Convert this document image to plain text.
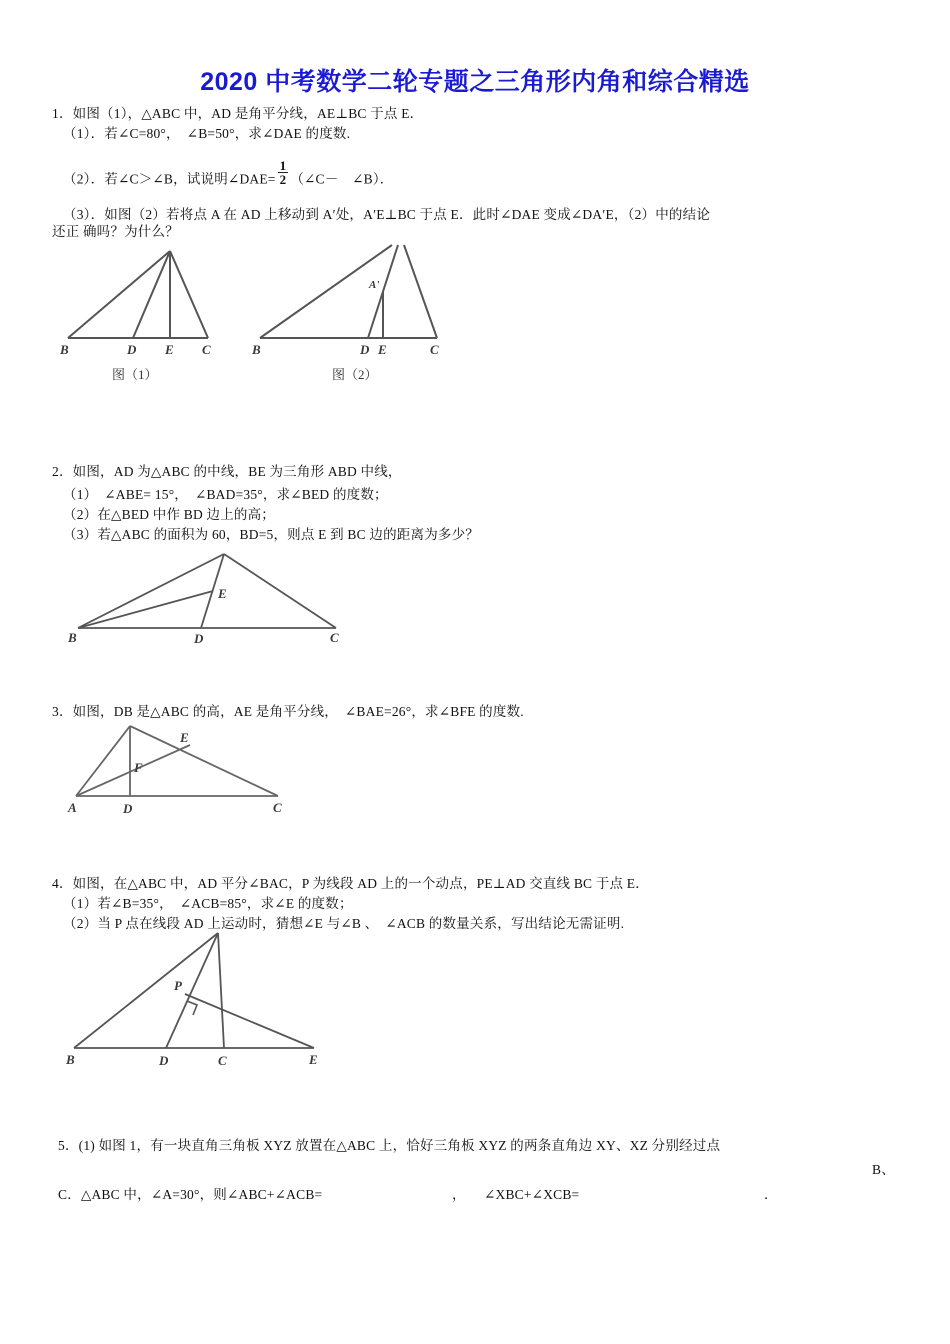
2020 中考数学二轮专题之三角形内角和综合精选
1．如图（1），△ABC 中，AD 是角平分线，AE⊥BC 于点 E．
（1）．若∠C=80°，　∠B=50°，求∠DAE 的度数.
（2）．若∠C＞∠B，试说明∠DAE= $\frac{1}{2}$ （∠C－　∠B）．
（3）．如图（2）若将点 A 在 AD 上移动到 A′处，A′E⊥BC 于点 E．此时∠DAE 变成∠DA′E，（2）中的结论
还正 确吗？为什么？
B	D E C
图（1）
A'
B	D E	C
图（2）
2．如图，AD 为△ABC 的中线，BE 为三角形 ABD 中线，
（1）　∠ABE= 15°，　∠BAD=35°，求∠BED 的度数；
（2）在△BED 中作 BD 边上的高；
（3）若△ABC 的面积为 60，BD=5，则点 E 到 BC 边的距离为多少？
B	D	C
E
3．如图，DB 是△ABC 的高，AE 是角平分线，　∠BAE=26°，求∠BFE 的度数.
A	D	C
E
F
4．如图，在△ABC 中，AD 平分∠BAC，P 为线段 AD 上的一个动点，PE⊥AD 交直线 BC 于点 E．
（1）若∠B=35°，　∠ACB=85°，求∠E 的度数；
（2）当 P 点在线段 AD 上运动时，猜想∠E 与∠B 、　∠ACB 的数量关系，写出结论无需证明.
B	D	C	E
P
5．(1) 如图 1，有一块直角三角板 XYZ 放置在△ABC 上，恰好三角板 XYZ 的两条直角边 XY、XZ 分别经过点
B、
C．△ABC 中，∠A=30°，则∠ABC+∠ACB=	， ∠XBC+∠XCB=	．
